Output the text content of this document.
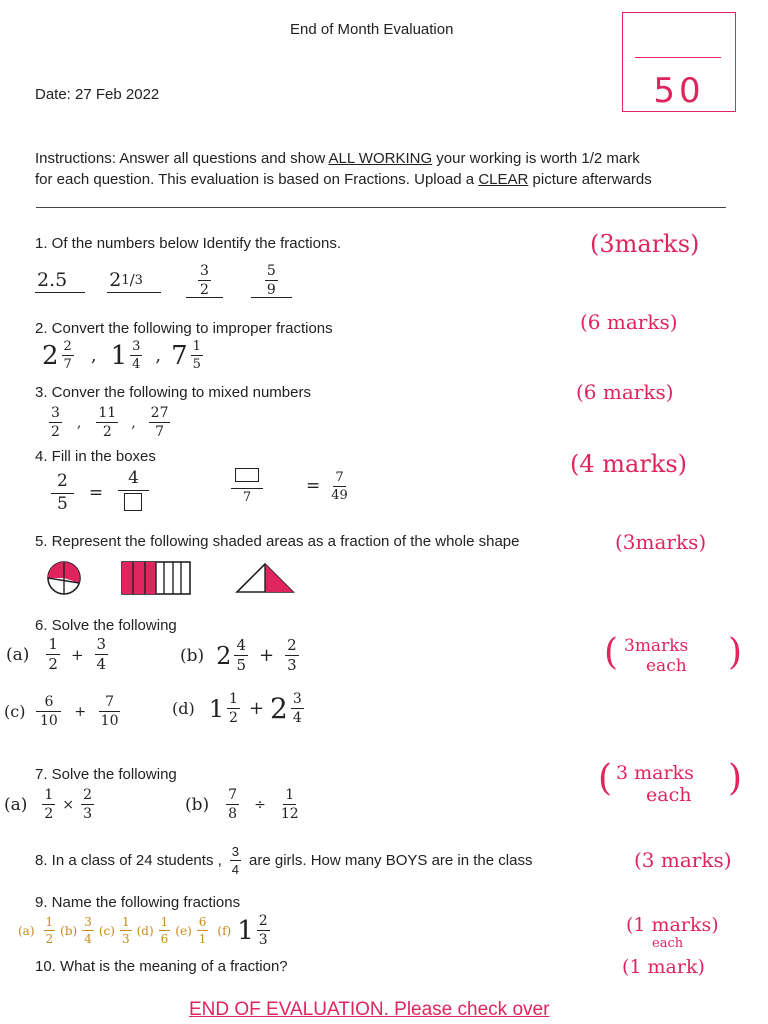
End of Month Evaluation
Date: 27 Feb 2022	50
Instructions: Answer all questions and show ALL WORKING your working is worth 1/2 mark
for each question. This evaluation is based on Fractions. Upload a CLEAR picture afterwards
1. Of the numbers below Identify the fractions.	(3marks)
2.5	2 1 / 3	$\frac{3}{2} \frac{5}{9}$
2. Convert the following to improper fractions	(6 marks)
$2 \frac{2}{7}$ , $1 \frac{3}{4}$ , $7 \frac{1}{5}$
3. Conver the following to mixed numbers	(6 marks)
$\frac{3}{2}$ , $\frac{11}{2}$ , $\frac{27}{7}$
4. Fill in the boxes	(4 marks)
$\frac{2}{5}$ =
4
7
= $\frac{7}{49}$
5. Represent the following shaded areas as a fraction of the whole shape	(3marks)
6. Solve the following
( 3marks
each )
$(a) \frac{1}{2} + \frac{3}{4}$	(b) $2 \frac{4}{5} + \frac{2}{3}$
$(c) \frac{6}{10} + \frac{7}{10}$	(d) $1 \frac{1}{2} + 2 \frac{3}{4}$
7. Solve the following	( 3 marks
each )
$(a) \frac{1}{2} \times \frac{2}{3}$	$(b) \frac{7}{8} \div \frac{1}{12}$
8. In a class of 24 students , $\frac{3}{4}$ are girls. How many BOYS are in the class	(3 marks)
9. Name the following fractions
(1 marks)
each
$(a) \frac{1}{2} (b) \frac{3}{4} (c) \frac{1}{3} (d) \frac{1}{6} (e) \frac{6}{1} (f)$ $1 \frac{2}{3}$
10. What is the meaning of a fraction?	(1 mark)
END OF EVALUATION. Please check over
